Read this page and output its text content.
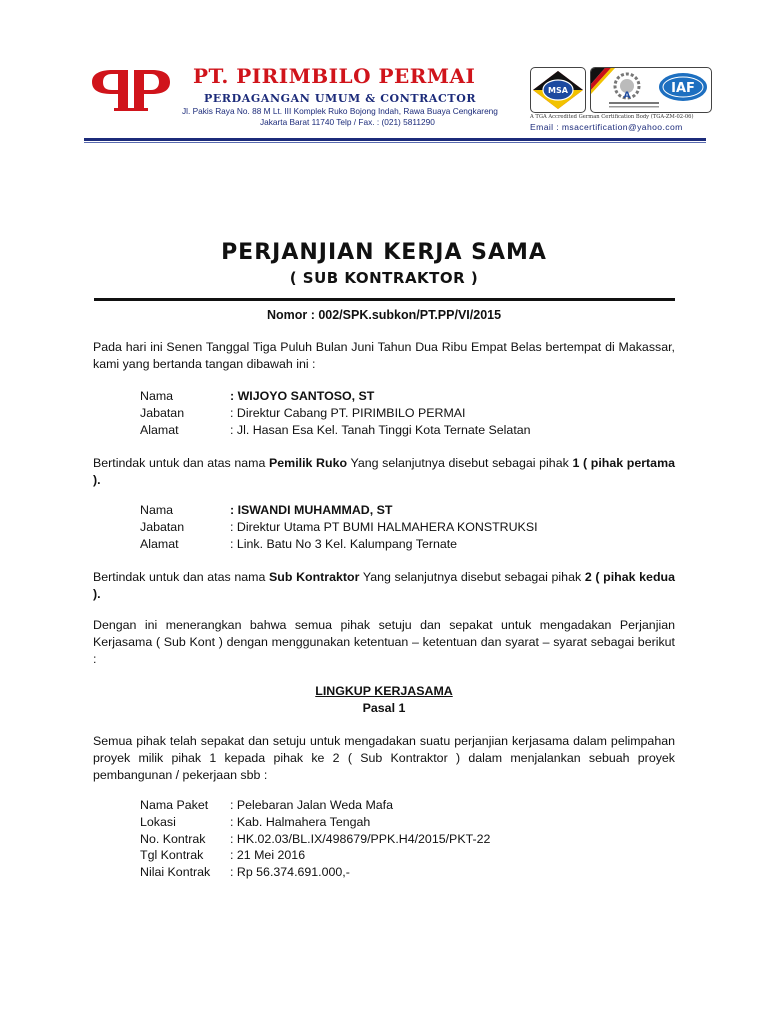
PT. PIRIMBILO PERMAI
PERDAGANGAN UMUM & CONTRACTOR
Jl. Pakis Raya No. 88 M Lt. III Komplek Ruko Bojong Indah, Rawa Buaya Cengkareng
Jakarta Barat 11740 Telp / Fax. : (021) 5811290
MSA
A	IAF
A TGA Accredited German Certification Body (TGA-ZM-02-06)
Email : msacertification@yahoo.com
PERJANJIAN KERJA SAMA
( SUB KONTRAKTOR )
Nomor : 002/SPK.subkon/PT.PP/VI/2015
Pada hari ini Senen Tanggal Tiga Puluh Bulan Juni Tahun Dua Ribu Empat Belas bertempat di Makassar, kami yang bertanda tangan dibawah ini :
Nama	: WIJOYO SANTOSO, ST
Jabatan	: Direktur Cabang PT. PIRIMBILO PERMAI
Alamat	: Jl. Hasan Esa Kel. Tanah Tinggi Kota Ternate Selatan
Bertindak untuk dan atas nama Pemilik Ruko Yang selanjutnya disebut sebagai pihak 1 ( pihak pertama ).
Nama	: ISWANDI MUHAMMAD, ST
Jabatan	: Direktur Utama PT BUMI HALMAHERA KONSTRUKSI
Alamat	: Link. Batu No 3 Kel. Kalumpang Ternate
Bertindak untuk dan atas nama Sub Kontraktor Yang selanjutnya disebut sebagai pihak 2 ( pihak kedua ).
Dengan ini menerangkan bahwa semua pihak setuju dan sepakat untuk mengadakan Perjanjian Kerjasama ( Sub Kont ) dengan menggunakan ketentuan – ketentuan dan syarat – syarat sebagai berikut :
LINGKUP KERJASAMA
Pasal 1
Semua pihak telah sepakat dan setuju untuk mengadakan suatu perjanjian kerjasama dalam pelimpahan proyek milik pihak 1 kepada pihak ke 2 ( Sub Kontraktor ) dalam menjalankan sebuah proyek pembangunan / pekerjaan sbb :
Nama Paket	: Pelebaran Jalan Weda Mafa
Lokasi	: Kab. Halmahera Tengah
No. Kontrak	: HK.02.03/BL.IX/498679/PPK.H4/2015/PKT-22
Tgl Kontrak	: 21 Mei 2016
Nilai Kontrak	: Rp 56.374.691.000,-
